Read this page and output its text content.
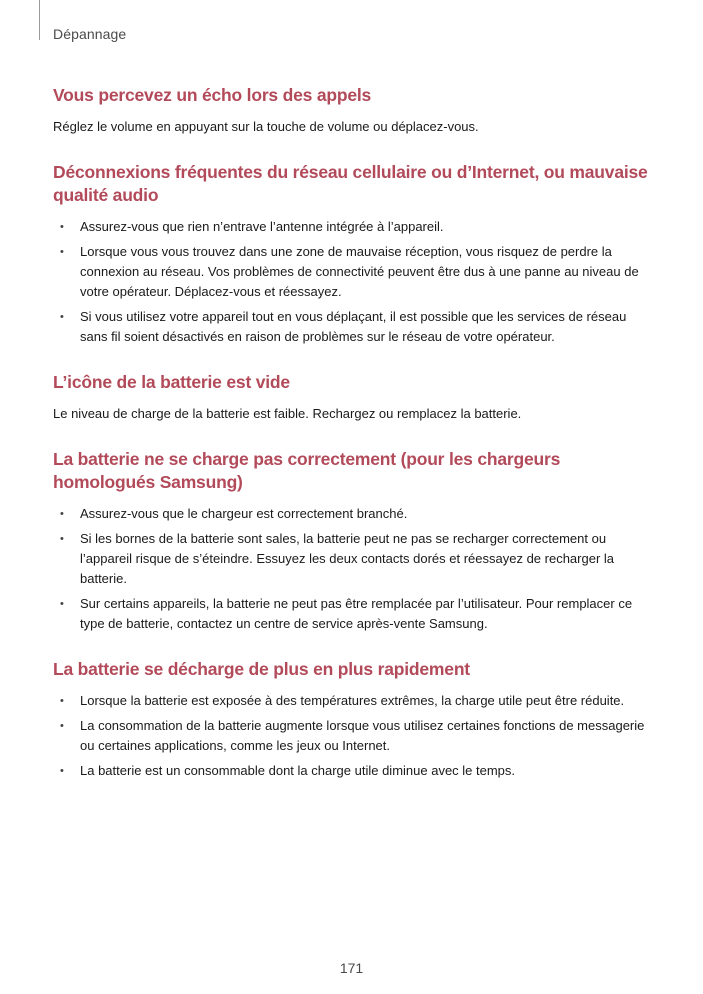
Dépannage
Vous percevez un écho lors des appels

Réglez le volume en appuyant sur la touche de volume ou déplacez-vous.

Déconnexions fréquentes du réseau cellulaire ou d’Internet, ou mauvaise qualité audio
• Assurez-vous que rien n’entrave l’antenne intégrée à l’appareil.
• Lorsque vous vous trouvez dans une zone de mauvaise réception, vous risquez de perdre la connexion au réseau. Vos problèmes de connectivité peuvent être dus à une panne au niveau de votre opérateur. Déplacez-vous et réessayez.
• Si vous utilisez votre appareil tout en vous déplaçant, il est possible que les services de réseau sans fil soient désactivés en raison de problèmes sur le réseau de votre opérateur.
L’icône de la batterie est vide

Le niveau de charge de la batterie est faible. Rechargez ou remplacez la batterie.

La batterie ne se charge pas correctement (pour les chargeurs homologués Samsung)
• Assurez-vous que le chargeur est correctement branché.
• Si les bornes de la batterie sont sales, la batterie peut ne pas se recharger correctement ou l’appareil risque de s’éteindre. Essuyez les deux contacts dorés et réessayez de recharger la batterie.
• Sur certains appareils, la batterie ne peut pas être remplacée par l’utilisateur. Pour remplacer ce type de batterie, contactez un centre de service après-vente Samsung.
La batterie se décharge de plus en plus rapidement
• Lorsque la batterie est exposée à des températures extrêmes, la charge utile peut être réduite.
• La consommation de la batterie augmente lorsque vous utilisez certaines fonctions de messagerie ou certaines applications, comme les jeux ou Internet.
• La batterie est un consommable dont la charge utile diminue avec le temps.
171
